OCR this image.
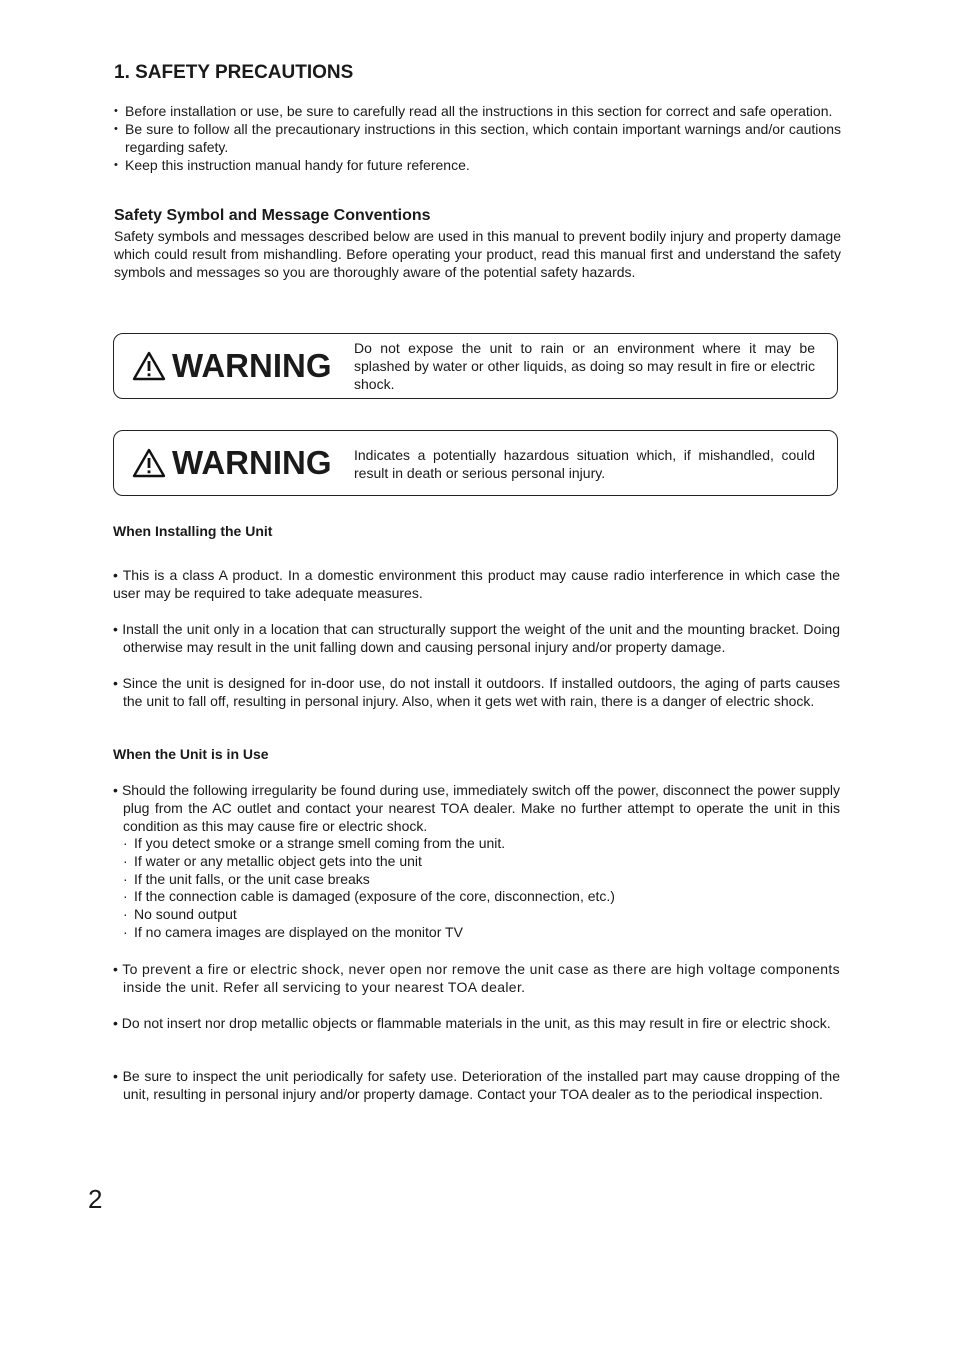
1. SAFETY PRECAUTIONS
• Before installation or use, be sure to carefully read all the instructions in this section for correct and safe operation.
• Be sure to follow all the precautionary instructions in this section, which contain important warnings and/or cautions regarding safety.
• Keep this instruction manual handy for future reference.
Safety Symbol and Message Conventions

Safety symbols and messages described below are used in this manual to prevent bodily injury and property damage which could result from mishandling. Before operating your product, read this manual first and understand the safety symbols and messages so you are thoroughly aware of the potential safety hazards.

WARNING Do not expose the unit to rain or an environment where it may be splashed by water or other liquids, as doing so may result in fire or electric shock.
WARNING Indicates a potentially hazardous situation which, if mishandled, could result in death or serious personal injury.
When Installing the Unit

• This is a class A product. In a domestic environment this product may cause radio interference in which case the user may be required to take adequate measures.

• Install the unit only in a location that can structurally support the weight of the unit and the mounting bracket. Doing otherwise may result in the unit falling down and causing personal injury and/or property damage.

• Since the unit is designed for in-door use, do not install it outdoors. If installed outdoors, the aging of parts causes the unit to fall off, resulting in personal injury. Also, when it gets wet with rain, there is a danger of electric shock.

When the Unit is in Use

• Should the following irregularity be found during use, immediately switch off the power, disconnect the power supply plug from the AC outlet and contact your nearest TOA dealer. Make no further attempt to operate the unit in this condition as this may cause fire or electric shock.

· If you detect smoke or a strange smell coming from the unit.
· If water or any metallic object gets into the unit
· If the unit falls, or the unit case breaks
· If the connection cable is damaged (exposure of the core, disconnection, etc.)
· No sound output
· If no camera images are displayed on the monitor TV

• To prevent a fire or electric shock, never open nor remove the unit case as there are high voltage components inside the unit. Refer all servicing to your nearest TOA dealer.

• Do not insert nor drop metallic objects or flammable materials in the unit, as this may result in fire or electric shock.

• Be sure to inspect the unit periodically for safety use. Deterioration of the installed part may cause dropping of the unit, resulting in personal injury and/or property damage. Contact your TOA dealer as to the periodical inspection.

2
